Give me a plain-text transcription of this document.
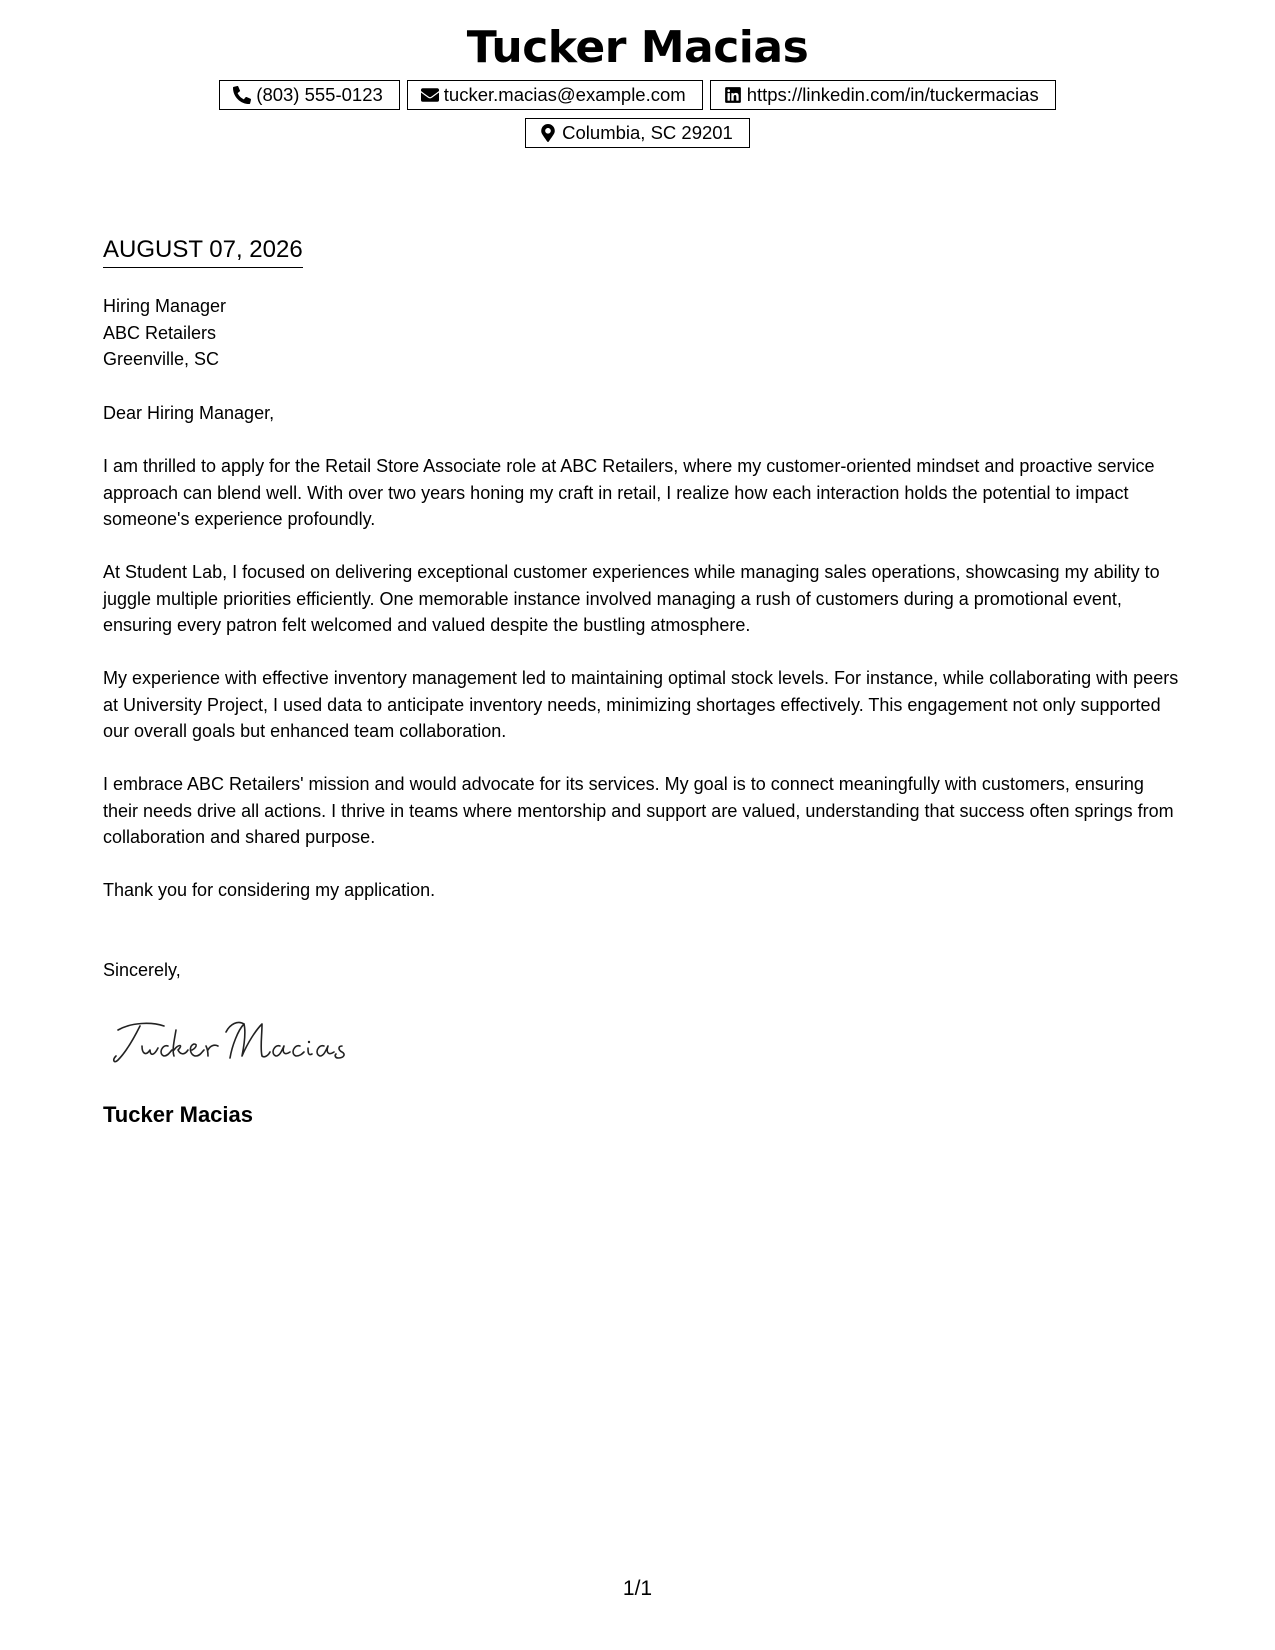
Tucker Macias
(803) 555-0123	tucker.macias@example.com	https://linkedin.com/in/tuckermacias
Columbia, SC 29201
AUGUST 07, 2026
Hiring Manager
ABC Retailers
Greenville, SC
Dear Hiring Manager,
I am thrilled to apply for the Retail Store Associate role at ABC Retailers, where my customer-oriented mindset and proactive service approach can blend well. With over two years honing my craft in retail, I realize how each interaction holds the potential to impact someone's experience profoundly.
At Student Lab, I focused on delivering exceptional customer experiences while managing sales operations, showcasing my ability to juggle multiple priorities efficiently. One memorable instance involved managing a rush of customers during a promotional event, ensuring every patron felt welcomed and valued despite the bustling atmosphere.
My experience with effective inventory management led to maintaining optimal stock levels. For instance, while collaborating with peers at University Project, I used data to anticipate inventory needs, minimizing shortages effectively. This engagement not only supported our overall goals but enhanced team collaboration.
I embrace ABC Retailers' mission and would advocate for its services. My goal is to connect meaningfully with customers, ensuring their needs drive all actions. I thrive in teams where mentorship and support are valued, understanding that success often springs from collaboration and shared purpose.
Thank you for considering my application.
Sincerely,
Tucker Macias
1/1
